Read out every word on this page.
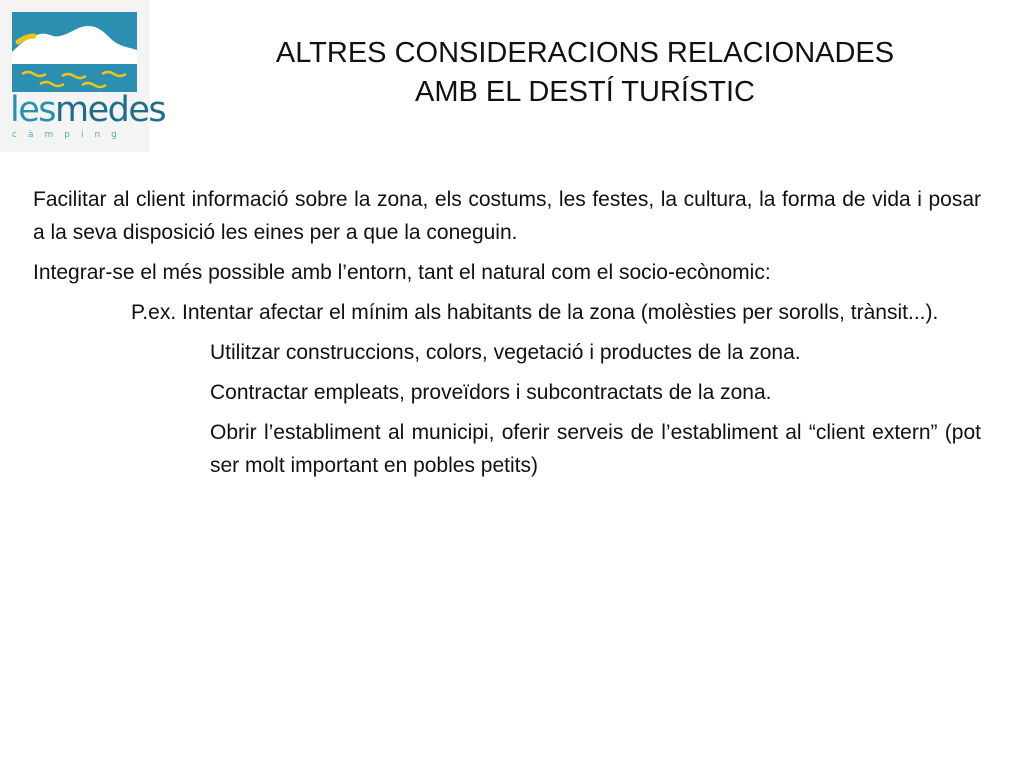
lesmedes
càmping
ALTRES CONSIDERACIONS RELACIONADES
AMB EL DESTÍ TURÍSTIC

Facilitar al client informació sobre la zona, els costums, les festes, la cultura, la forma de vida i posar a la seva disposició les eines per a que la coneguin.

Integrar-se el més possible amb l’entorn, tant el natural com el socio-ecònomic:

P.ex. Intentar afectar el mínim als habitants de la zona (molèsties per sorolls, trànsit...).

Utilitzar construccions, colors, vegetació i productes de la zona.

Contractar empleats, proveïdors i subcontractats de la zona.

Obrir l’establiment al municipi, oferir serveis de l’establiment al “client extern” (pot ser molt important en pobles petits)
